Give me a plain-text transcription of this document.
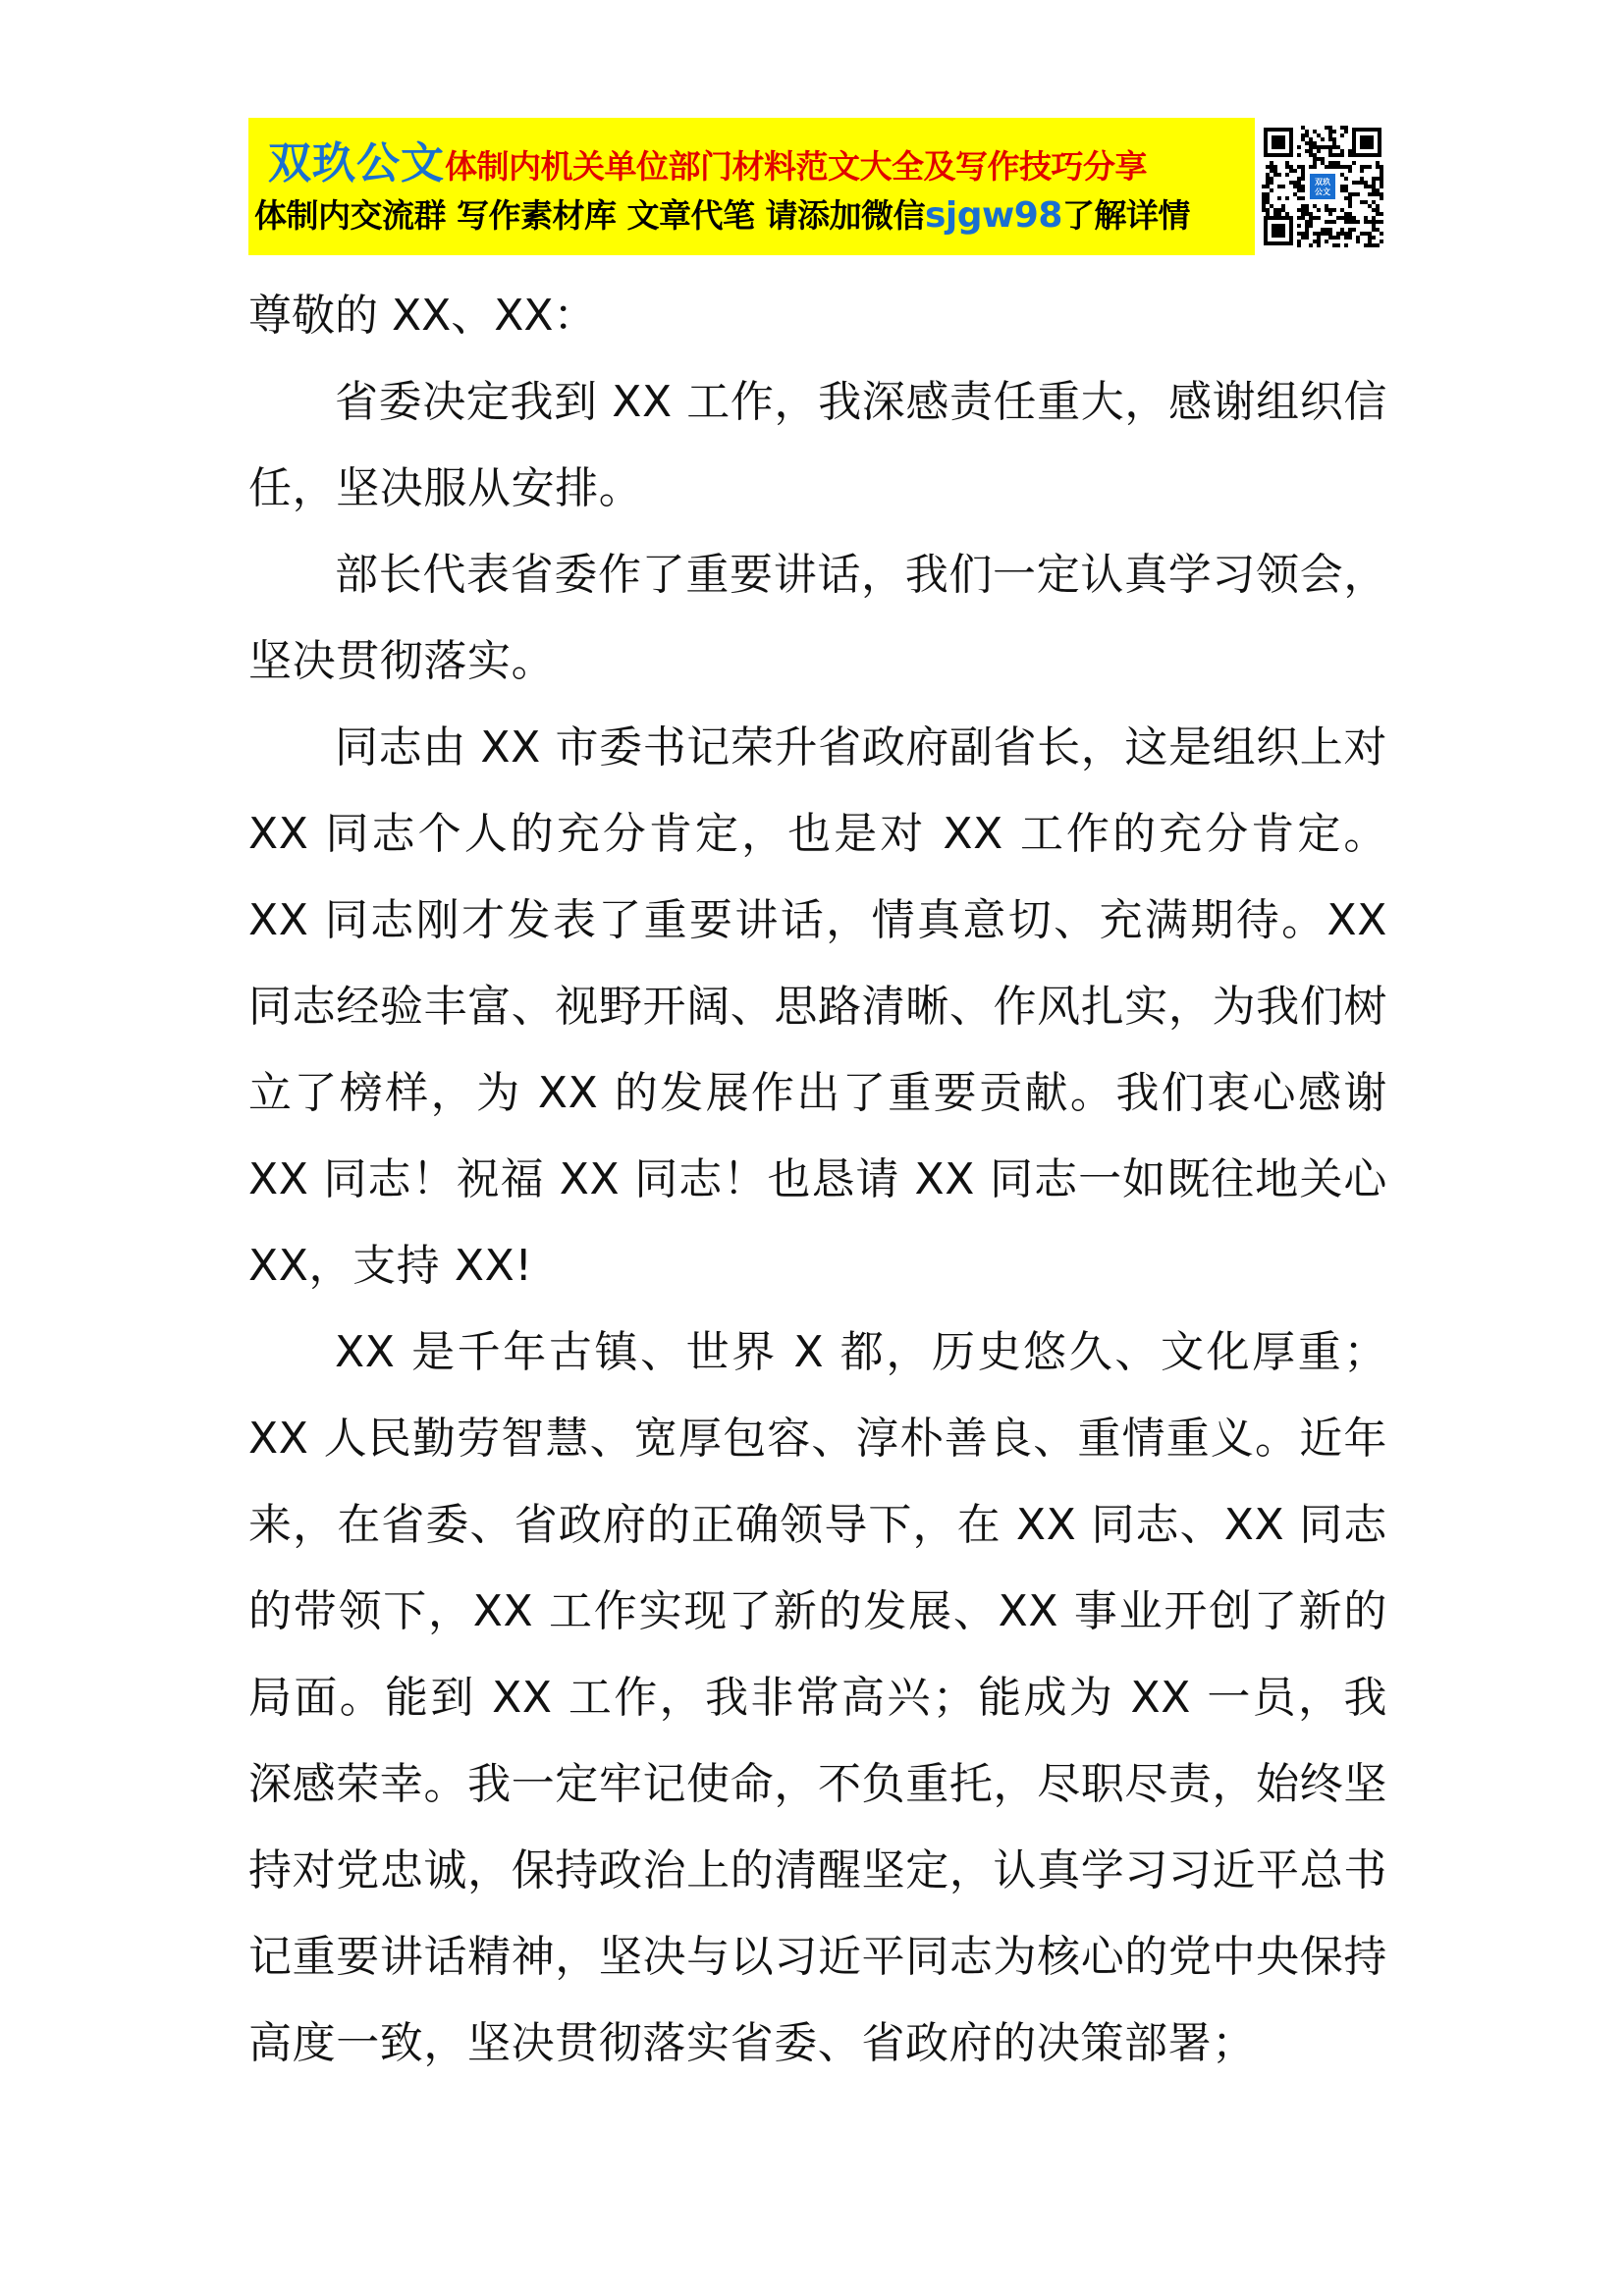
双玖公文 体制内机关单位部门材料范文大全及写作技巧分享
体制内交流群 写作素材库 文章代笔 请添加微信sjgw98了解详情
双玖
公文

尊敬的 XX、XX：

省委决定我到 XX 工作，我深感责任重大，感谢组织信任，坚决服从安排。

部长代表省委作了重要讲话，我们一定认真学习领会，坚决贯彻落实。

同志由 XX 市委书记荣升省政府副省长，这是组织上对 XX 同志个人的充分肯定，也是对 XX 工作的充分肯定。XX 同志刚才发表了重要讲话，情真意切、充满期待。XX 同志经验丰富、视野开阔、思路清晰、作风扎实，为我们树立了榜样，为 XX 的发展作出了重要贡献。我们衷心感谢 XX 同志！祝福 XX 同志！也恳请 XX 同志一如既往地关心 XX，支持 XX!

XX 是千年古镇、世界 X 都，历史悠久、文化厚重；XX 人民勤劳智慧、宽厚包容、淳朴善良、重情重义。近年来，在省委、省政府的正确领导下，在 XX 同志、XX 同志的带领下，XX 工作实现了新的发展、XX 事业开创了新的局面。能到 XX 工作，我非常高兴；能成为 XX 一员，我深感荣幸。我一定牢记使命，不负重托，尽职尽责，始终坚持对党忠诚，保持政治上的清醒坚定，认真学习习近平总书记重要讲话精神，坚决与以习近平同志为核心的党中央保持高度一致，坚决贯彻落实省委、省政府的决策部署；
